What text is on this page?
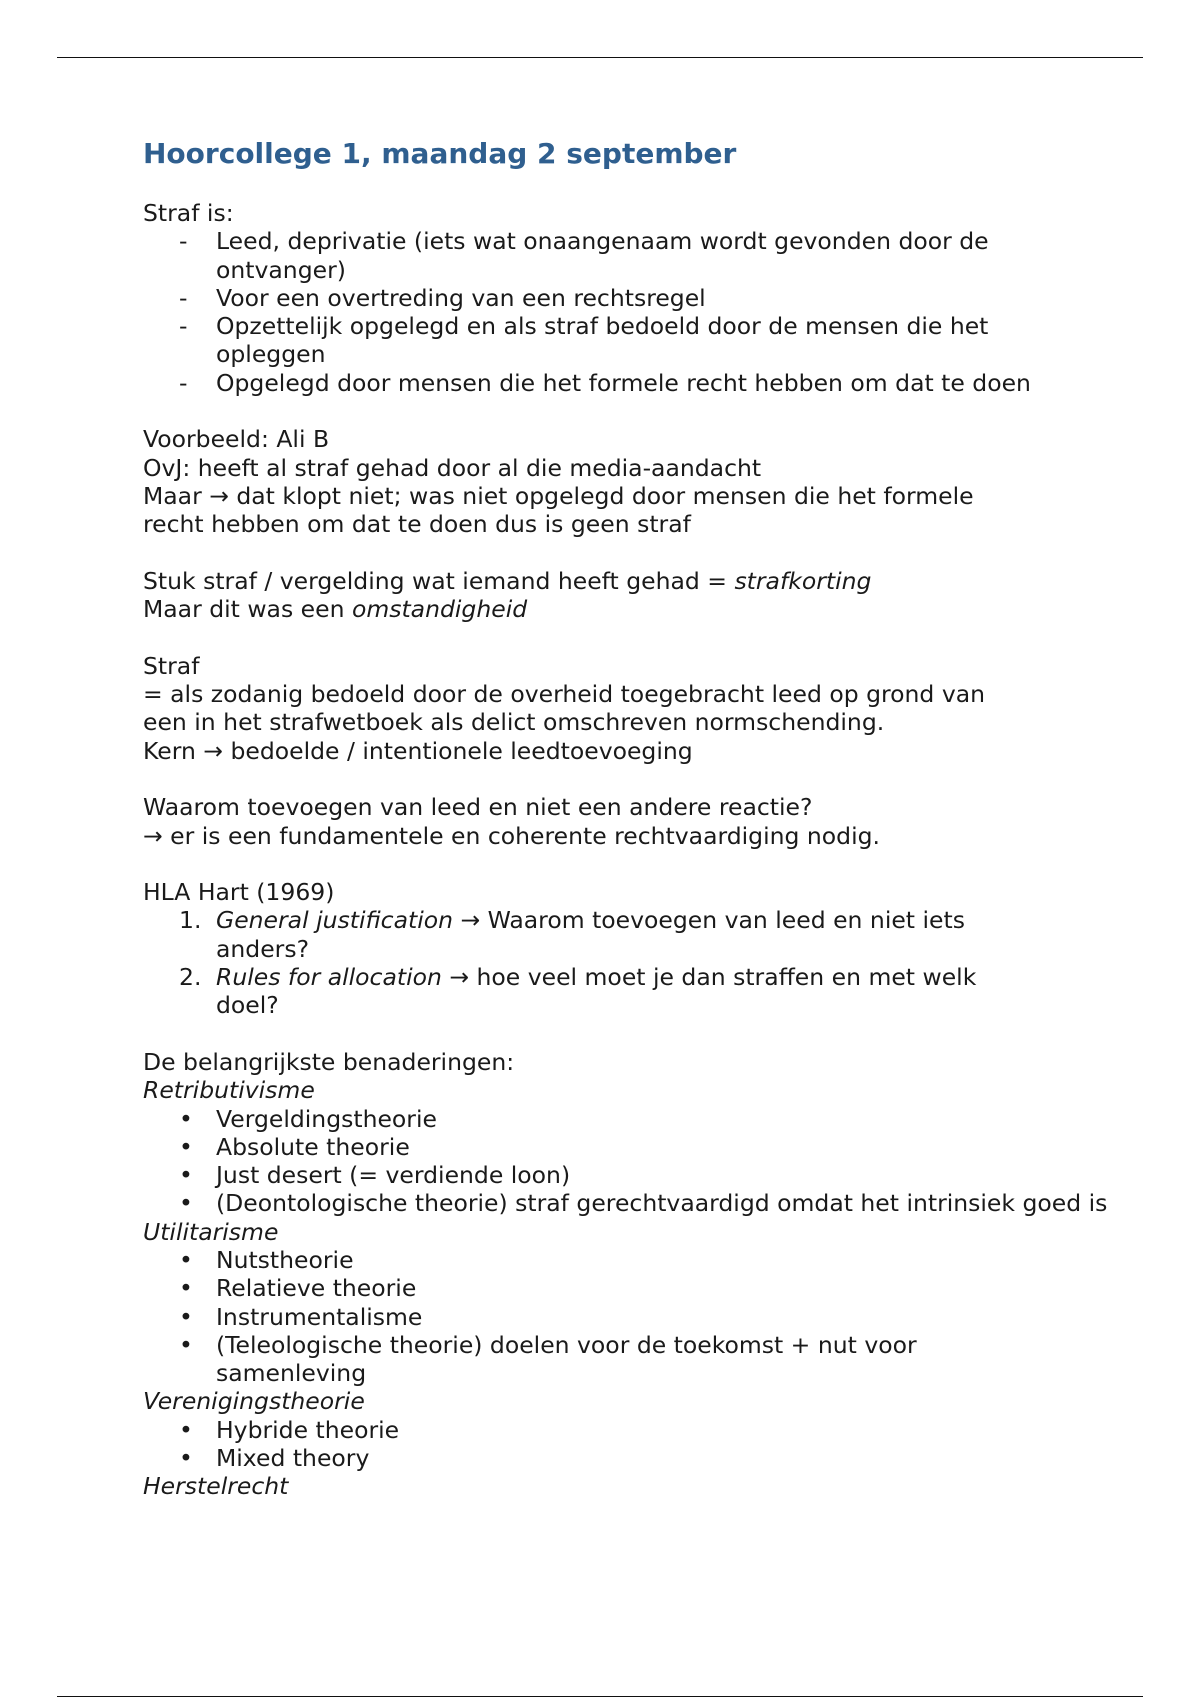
Hoorcollege 1, maandag 2 september

Straf is:

- Leed, deprivatie (iets wat onaangenaam wordt gevonden door de ontvanger)
- Voor een overtreding van een rechtsregel
- Opzettelijk opgelegd en als straf bedoeld door de mensen die het opleggen
- Opgelegd door mensen die het formele recht hebben om dat te doen

Voorbeeld: Ali B

OvJ: heeft al straf gehad door al die media-aandacht

Maar → dat klopt niet; was niet opgelegd door mensen die het formele

recht hebben om dat te doen dus is geen straf

Stuk straf / vergelding wat iemand heeft gehad = strafkorting

Maar dit was een omstandigheid

Straf

= als zodanig bedoeld door de overheid toegebracht leed op grond van

een in het strafwetboek als delict omschreven normschending.

Kern → bedoelde / intentionele leedtoevoeging

Waarom toevoegen van leed en niet een andere reactie?

→ er is een fundamentele en coherente rechtvaardiging nodig.

HLA Hart (1969)

1. General justification → Waarom toevoegen van leed en niet iets
anders?
2. Rules for allocation → hoe veel moet je dan straffen en met welk
doel?

De belangrijkste benaderingen:

Retributivisme

• Vergeldingstheorie
• Absolute theorie
• Just desert (= verdiende loon)
• (Deontologische theorie) straf gerechtvaardigd omdat het intrinsiek goed is

Utilitarisme

• Nutstheorie
• Relatieve theorie
• Instrumentalisme
• (Teleologische theorie) doelen voor de toekomst + nut voor samenleving

Verenigingstheorie

• Hybride theorie
• Mixed theory

Herstelrecht
